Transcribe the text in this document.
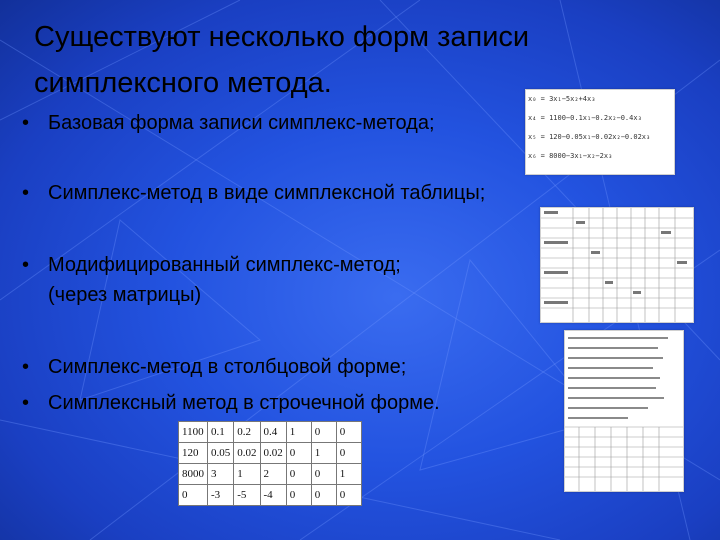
Существуют несколько форм записи симплексного метода.
• Базовая форма записи симплекс-метода;
• Симплекс-метод в виде симплексной таблицы;
• Модифицированный симплекс-метод;
(через матрицы)
• Симплекс-метод в столбцовой форме;
• Симплексный метод в строчечной форме.
x₀ = 3x₁−5x₂+4x₃
x₄ = 1100−0.1x₁−0.2x₂−0.4x₃
x₅ = 120−0.05x₁−0.02x₂−0.02x₃
x₆ = 8000−3x₁−x₂−2x₃
1100	0.1	0.2	0.4	1	0	0
120	0.05	0.02	0.02	0	1	0
8000	3	1	2	0	0	1
0	-3	-5	-4	0	0	0
